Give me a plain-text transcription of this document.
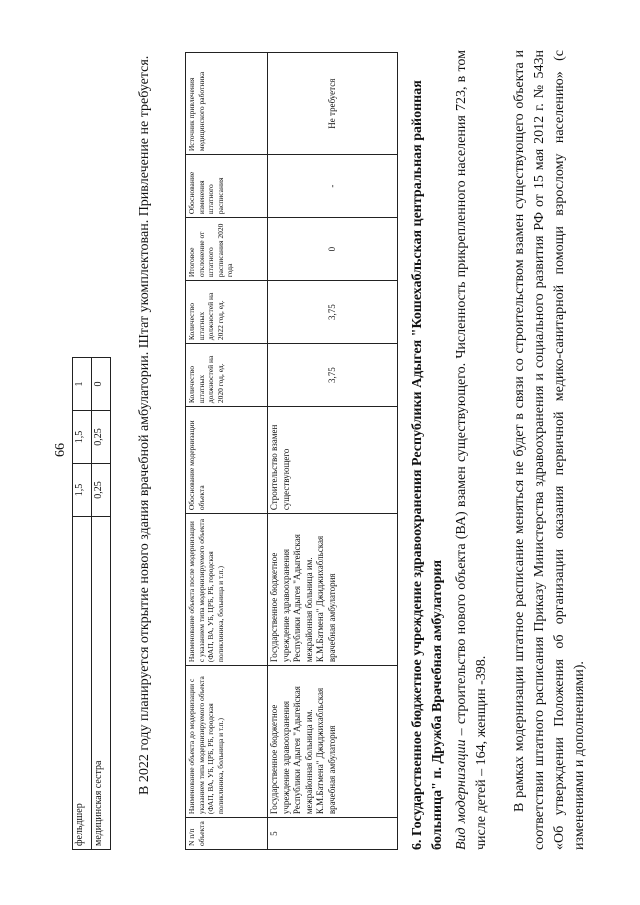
66
фельдшер	1,5	1,5	1
медицинская сестра	0,25	0,25	0 В 2022 году планируется открытие нового здания врачебной амбулатории. Штат укомплектован. Привлечение не требуется.
N п/п объекта	Наименование объекта до модернизации с указанием типа модернизируемого объекта (ФАП, ВА, УБ, ЦРБ, РБ, городская поликлиника, больница и т.п.)	Наименование объекта после модернизации с указанием типа модернизируемого объекта (ФАП, ВА, УБ, ЦРБ, РБ, городская поликлиника, больница и т.п.)	Обоснование модернизации объекта	Количество штатных должностей на 2020 год, ед.	Количество штатных должностей на 2022 год, ед.	Итоговое отклонение от штатного расписания 2020 года	Обоснование изменения штатного расписания	Источник привлечения медицинского работника
5	Государственное бюджетное учреждение здравоохранения Республики Адыгея "Адыгейская межрайонная больница им. К.М.Батмена" Джиджихабльская врачебная амбулатория	Государственное бюджетное учреждение здравоохранения Республики Адыгея "Адыгейская межрайонная больница им. К.М.Батмена" Джиджихабльская врачебная амбулатория	Строительство взамен существующего	3,75	3,75	0	-	Не требуется	6. Государственное бюджетное учреждение здравоохранения Республики Адыгея "Кошехабльская центральная районная больница" п. Дружба Врачебная амбулатория Вид модернизации – строительство нового объекта (ВА) взамен существующего. Численность прикрепленного населения 723, в том числе детей – 164, женщин -398. В рамках модернизации штатное расписание меняться не будет в связи со строительством взамен существующего объекта и соответствии штатного расписания Приказу Министерства здравоохранения и социального развития РФ от 15 мая 2012 г. № 543н «Об утверждении Положения об организации оказания первичной медико-санитарной помощи взрослому населению» (с изменениями и дополнениями).
